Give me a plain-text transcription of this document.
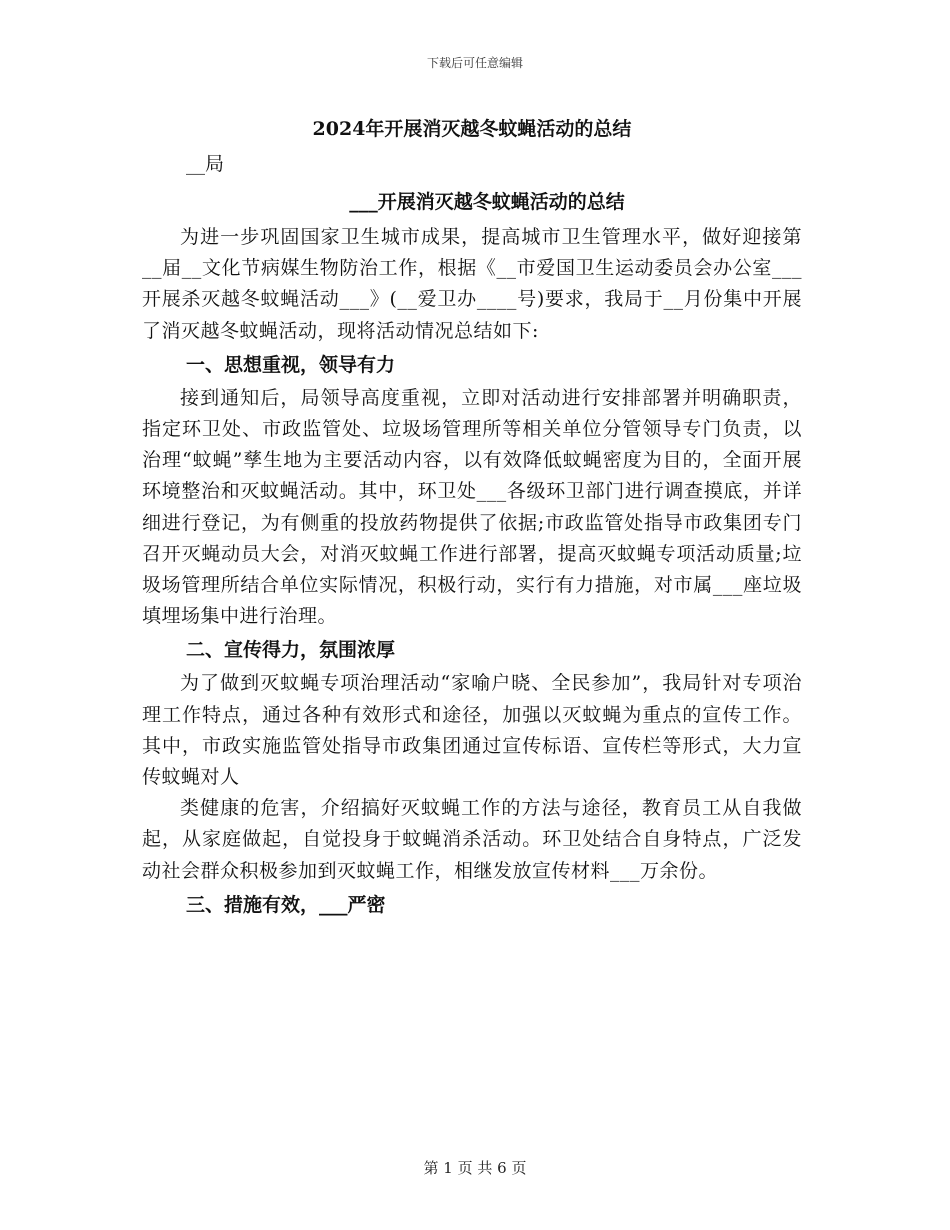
下载后可任意编辑
2024年开展消灭越冬蚊蝇活动的总结

__局

___开展消灭越冬蚊蝇活动的总结

为进一步巩固国家卫生城市成果，提高城市卫生管理水平，做好迎接第__届__文化节病媒生物防治工作，根据《__市爱国卫生运动委员会办公室___开展杀灭越冬蚊蝇活动___》(__爱卫办____号)要求，我局于__月份集中开展了消灭越冬蚊蝇活动，现将活动情况总结如下:

一、思想重视，领导有力

接到通知后，局领导高度重视，立即对活动进行安排部署并明确职责，指定环卫处、市政监管处、垃圾场管理所等相关单位分管领导专门负责，以治理“蚊蝇”孳生地为主要活动内容，以有效降低蚊蝇密度为目的，全面开展环境整治和灭蚊蝇活动。其中，环卫处___各级环卫部门进行调查摸底，并详细进行登记，为有侧重的投放药物提供了依据;市政监管处指导市政集团专门召开灭蝇动员大会，对消灭蚊蝇工作进行部署，提高灭蚊蝇专项活动质量;垃圾场管理所结合单位实际情况，积极行动，实行有力措施，对市属___座垃圾填埋场集中进行治理。

二、宣传得力，氛围浓厚

为了做到灭蚊蝇专项治理活动“家喻户晓、全民参加”，我局针对专项治理工作特点，通过各种有效形式和途径，加强以灭蚊蝇为重点的宣传工作。其中，市政实施监管处指导市政集团通过宣传标语、宣传栏等形式，大力宣传蚊蝇对人

类健康的危害，介绍搞好灭蚊蝇工作的方法与途径，教育员工从自我做起，从家庭做起，自觉投身于蚊蝇消杀活动。环卫处结合自身特点，广泛发动社会群众积极参加到灭蚊蝇工作，相继发放宣传材料___万余份。

三、措施有效，___严密
第 1 页 共 6 页
